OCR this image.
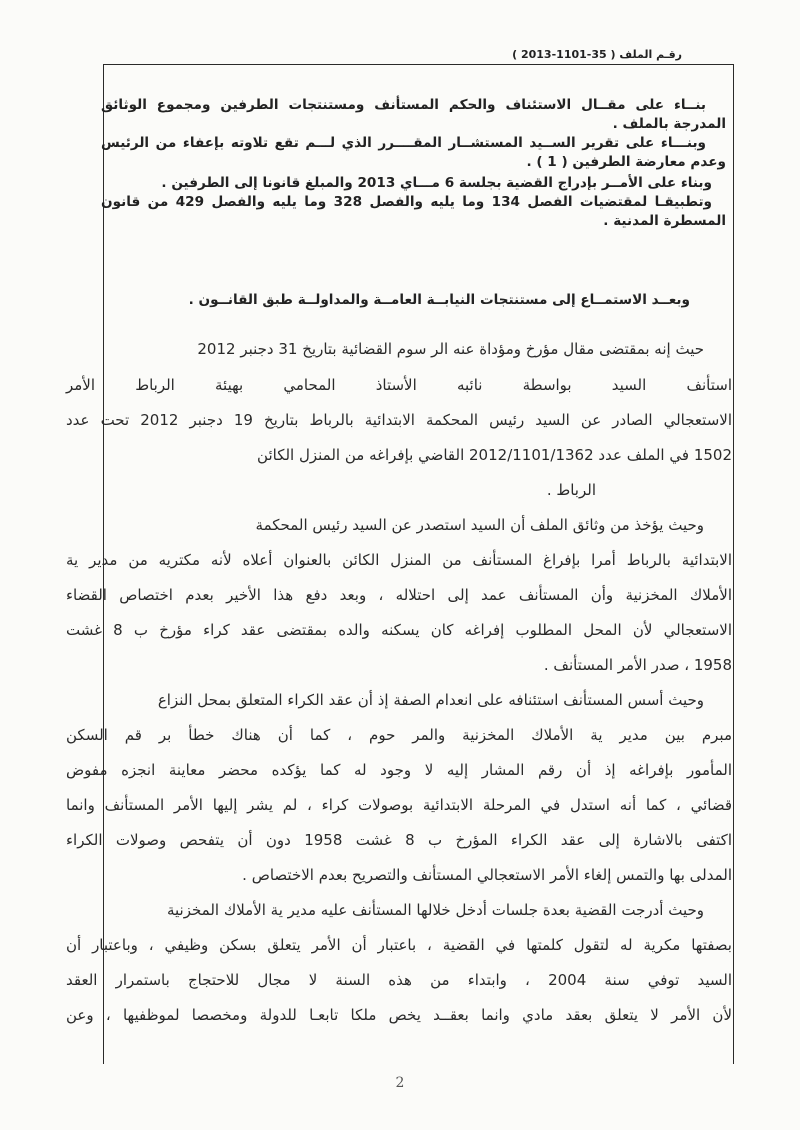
رقـم الملف ( 35-1101-2013 )

بنــاء على مقــال الاستئناف والحكم المستأنف ومستنتجات الطرفين ومجموع الوثائق المدرجة بالملف .

وبنـــاء على تقرير الســيد المستشــار المقــــرر الذي لـــم تقع تلاوته بإعفاء من الرئيس وعدم معارضة الطرفين ( 1 ) .

وبناء على الأمــر بإدراج القضية بجلسة 6 مـــاي 2013 والمبلغ قانونا إلى الطرفين .

وتطبيقـا لمقتضيات الفصل 134 وما يليه والفصل 328 وما يليه والفصل 429 من قانون المسطرة المدنية .

وبعــد الاستمــاع إلى مستنتجات النيابــة العامــة والمداولــة طبق القانــون .
حيث إنه بمقتضى مقال مؤرخ ومؤداة عنه الر سوم القضائية بتاريخ 31 دجنبر 2012
استأنف السيد بواسطة نائبه الأستاذ المحامي بهيئة الرباط الأمر
الاستعجالي الصادر عن السيد رئيس المحكمة الابتدائية بالرباط بتاريخ 19 دجنبر 2012 تحت عدد
1502 في الملف عدد 2012/1101/1362 القاضي بإفراغه من المنزل الكائن
الرباط .
وحيث يؤخذ من وثائق الملف أن السيد استصدر عن السيد رئيس المحكمة
الابتدائية بالرباط أمرا بإفراغ المستأنف من المنزل الكائن بالعنوان أعلاه لأنه مكتريه من مدير ية
الأملاك المخزنية وأن المستأنف عمد إلى احتلاله ، وبعد دفع هذا الأخير بعدم اختصاص القضاء
الاستعجالي لأن المحل المطلوب إفراغه كان يسكنه والده بمقتضى عقد كراء مؤرخ ب 8 غشت
1958 ، صدر الأمر المستأنف .
وحيث أسس المستأنف استئنافه على انعدام الصفة إذ أن عقد الكراء المتعلق بمحل النزاع
مبرم بين مدير ية الأملاك المخزنية والمر حوم ، كما أن هناك خطأ بر قم السكن
المأمور بإفراغه إذ أن رقم المشار إليه لا وجود له كما يؤكده محضر معاينة انجزه مفوض
قضائي ، كما أنه استدل في المرحلة الابتدائية بوصولات كراء ، لم يشر إليها الأمر المستأنف وانما
اكتفى بالاشارة إلى عقد الكراء المؤرخ ب 8 غشت 1958 دون أن يتفحص وصولات الكراء
المدلى بها والتمس إلغاء الأمر الاستعجالي المستأنف والتصريح بعدم الاختصاص .
وحيث أدرجت القضية بعدة جلسات أدخل خلالها المستأنف عليه مدير ية الأملاك المخزنية
بصفتها مكرية له لتقول كلمتها في القضية ، باعتبار أن الأمر يتعلق بسكن وظيفي ، وباعتبار أن
السيد توفي سنة 2004 ، وابتداء من هذه السنة لا مجال للاحتجاج باستمرار العقد
لأن الأمر لا يتعلق بعقد مادي وانما بعقــد يخص ملكا تابعـا للدولة ومخصصا لموظفيها ، وعن
2
